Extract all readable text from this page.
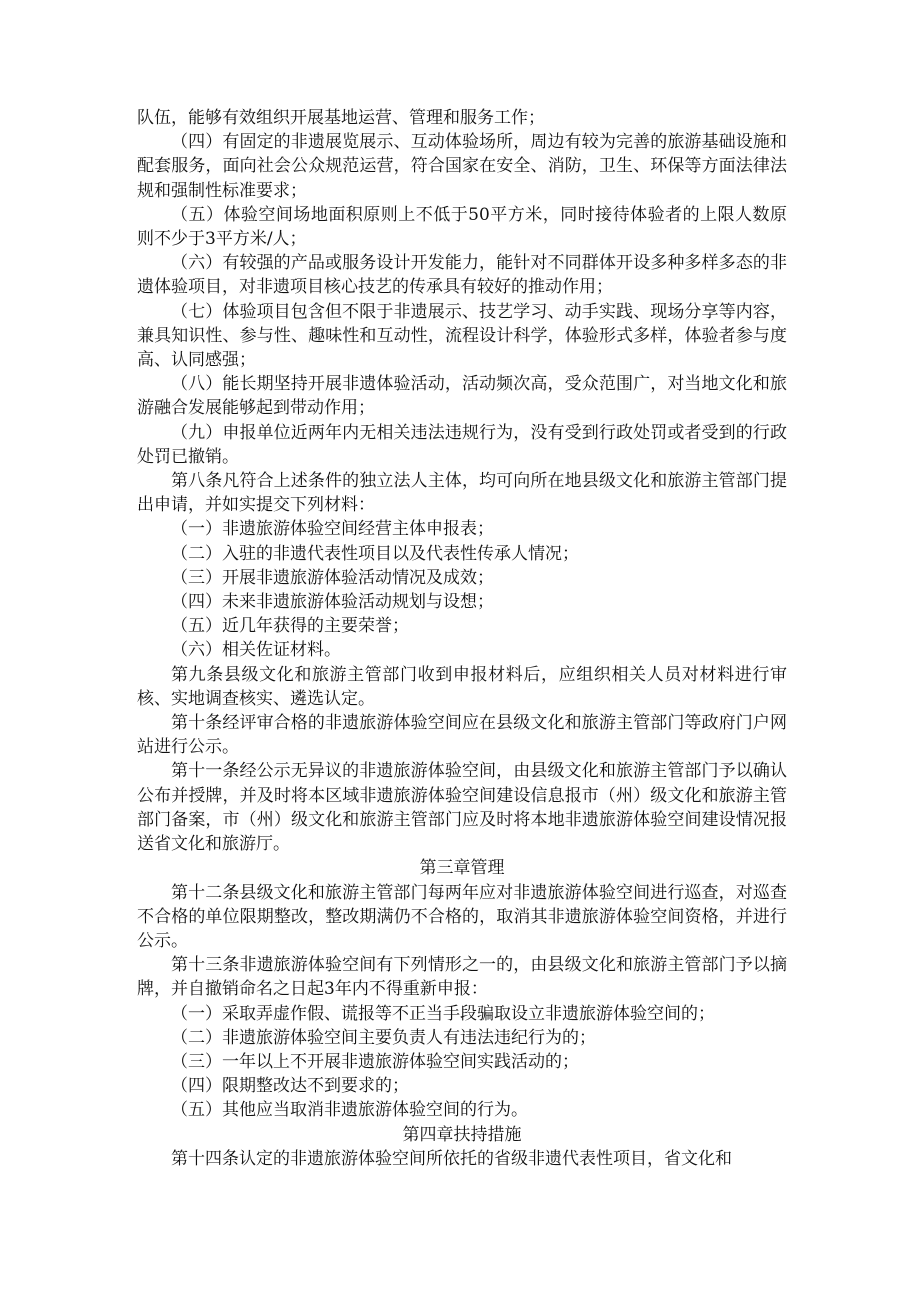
队伍，能够有效组织开展基地运营、管理和服务工作；

（四）有固定的非遗展览展示、互动体验场所，周边有较为完善的旅游基础设施和配套服务，面向社会公众规范运营，符合国家在安全、消防，卫生、环保等方面法律法规和强制性标准要求；

（五）体验空间场地面积原则上不低于50平方米，同时接待体验者的上限人数原则不少于3平方米/人；

（六）有较强的产品或服务设计开发能力，能针对不同群体开设多种多样多态的非遗体验项目，对非遗项目核心技艺的传承具有较好的推动作用；

（七）体验项目包含但不限于非遗展示、技艺学习、动手实践、现场分享等内容，兼具知识性、参与性、趣味性和互动性，流程设计科学，体验形式多样，体验者参与度高、认同感强；

（八）能长期坚持开展非遗体验活动，活动频次高，受众范围广，对当地文化和旅游融合发展能够起到带动作用；

（九）申报单位近两年内无相关违法违规行为，没有受到行政处罚或者受到的行政处罚已撤销。

第八条凡符合上述条件的独立法人主体，均可向所在地县级文化和旅游主管部门提出申请，并如实提交下列材料：

（一）非遗旅游体验空间经营主体申报表；

（二）入驻的非遗代表性项目以及代表性传承人情况；

（三）开展非遗旅游体验活动情况及成效；

（四）未来非遗旅游体验活动规划与设想；

（五）近几年获得的主要荣誉；

（六）相关佐证材料。

第九条县级文化和旅游主管部门收到申报材料后，应组织相关人员对材料进行审核、实地调查核实、遴选认定。

第十条经评审合格的非遗旅游体验空间应在县级文化和旅游主管部门等政府门户网站进行公示。

第十一条经公示无异议的非遗旅游体验空间，由县级文化和旅游主管部门予以确认公布并授牌，并及时将本区域非遗旅游体验空间建设信息报市（州）级文化和旅游主管部门备案，市（州）级文化和旅游主管部门应及时将本地非遗旅游体验空间建设情况报送省文化和旅游厅。

第三章管理

第十二条县级文化和旅游主管部门每两年应对非遗旅游体验空间进行巡查，对巡查不合格的单位限期整改，整改期满仍不合格的，取消其非遗旅游体验空间资格，并进行公示。

第十三条非遗旅游体验空间有下列情形之一的，由县级文化和旅游主管部门予以摘牌，并自撤销命名之日起3年内不得重新申报：

（一）采取弄虚作假、谎报等不正当手段骗取设立非遗旅游体验空间的；

（二）非遗旅游体验空间主要负责人有违法违纪行为的；

（三）一年以上不开展非遗旅游体验空间实践活动的；

（四）限期整改达不到要求的；

（五）其他应当取消非遗旅游体验空间的行为。

第四章扶持措施

第十四条认定的非遗旅游体验空间所依托的省级非遗代表性项目，省文化和
